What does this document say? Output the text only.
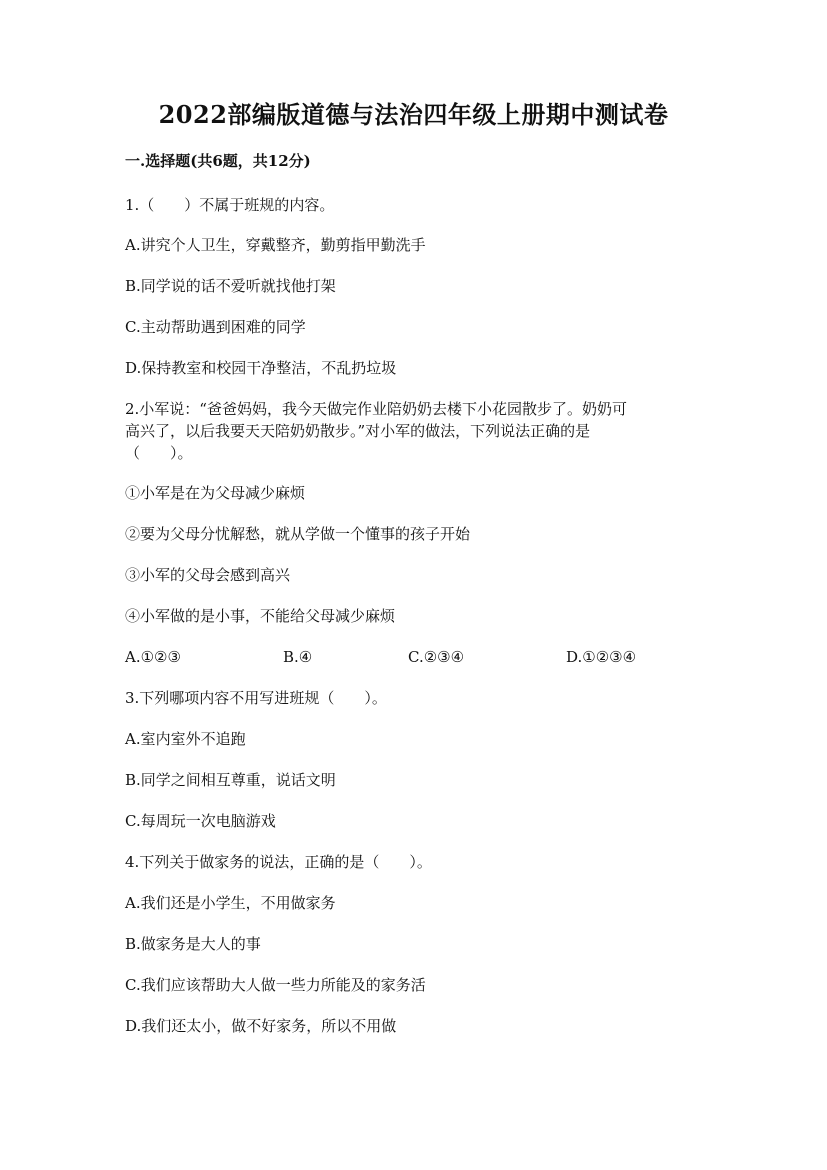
2022部编版道德与法治四年级上册期中测试卷
一.选择题(共6题，共12分)
1.（　　）不属于班规的内容。
A.讲究个人卫生，穿戴整齐，勤剪指甲勤洗手
B.同学说的话不爱听就找他打架
C.主动帮助遇到困难的同学
D.保持教室和校园干净整洁，不乱扔垃圾
2.小军说：“爸爸妈妈，我今天做完作业陪奶奶去楼下小花园散步了。奶奶可
高兴了，以后我要天天陪奶奶散步。”对小军的做法，下列说法正确的是
（　　）。
①小军是在为父母减少麻烦
②要为父母分忧解愁，就从学做一个懂事的孩子开始
③小军的父母会感到高兴
④小军做的是小事，不能给父母减少麻烦
A.①②③	B.④	C.②③④	D.①②③④
3.下列哪项内容不用写进班规（　　）。
A.室内室外不追跑
B.同学之间相互尊重，说话文明
C.每周玩一次电脑游戏
4.下列关于做家务的说法，正确的是（　　）。
A.我们还是小学生，不用做家务
B.做家务是大人的事
C.我们应该帮助大人做一些力所能及的家务活
D.我们还太小，做不好家务，所以不用做
